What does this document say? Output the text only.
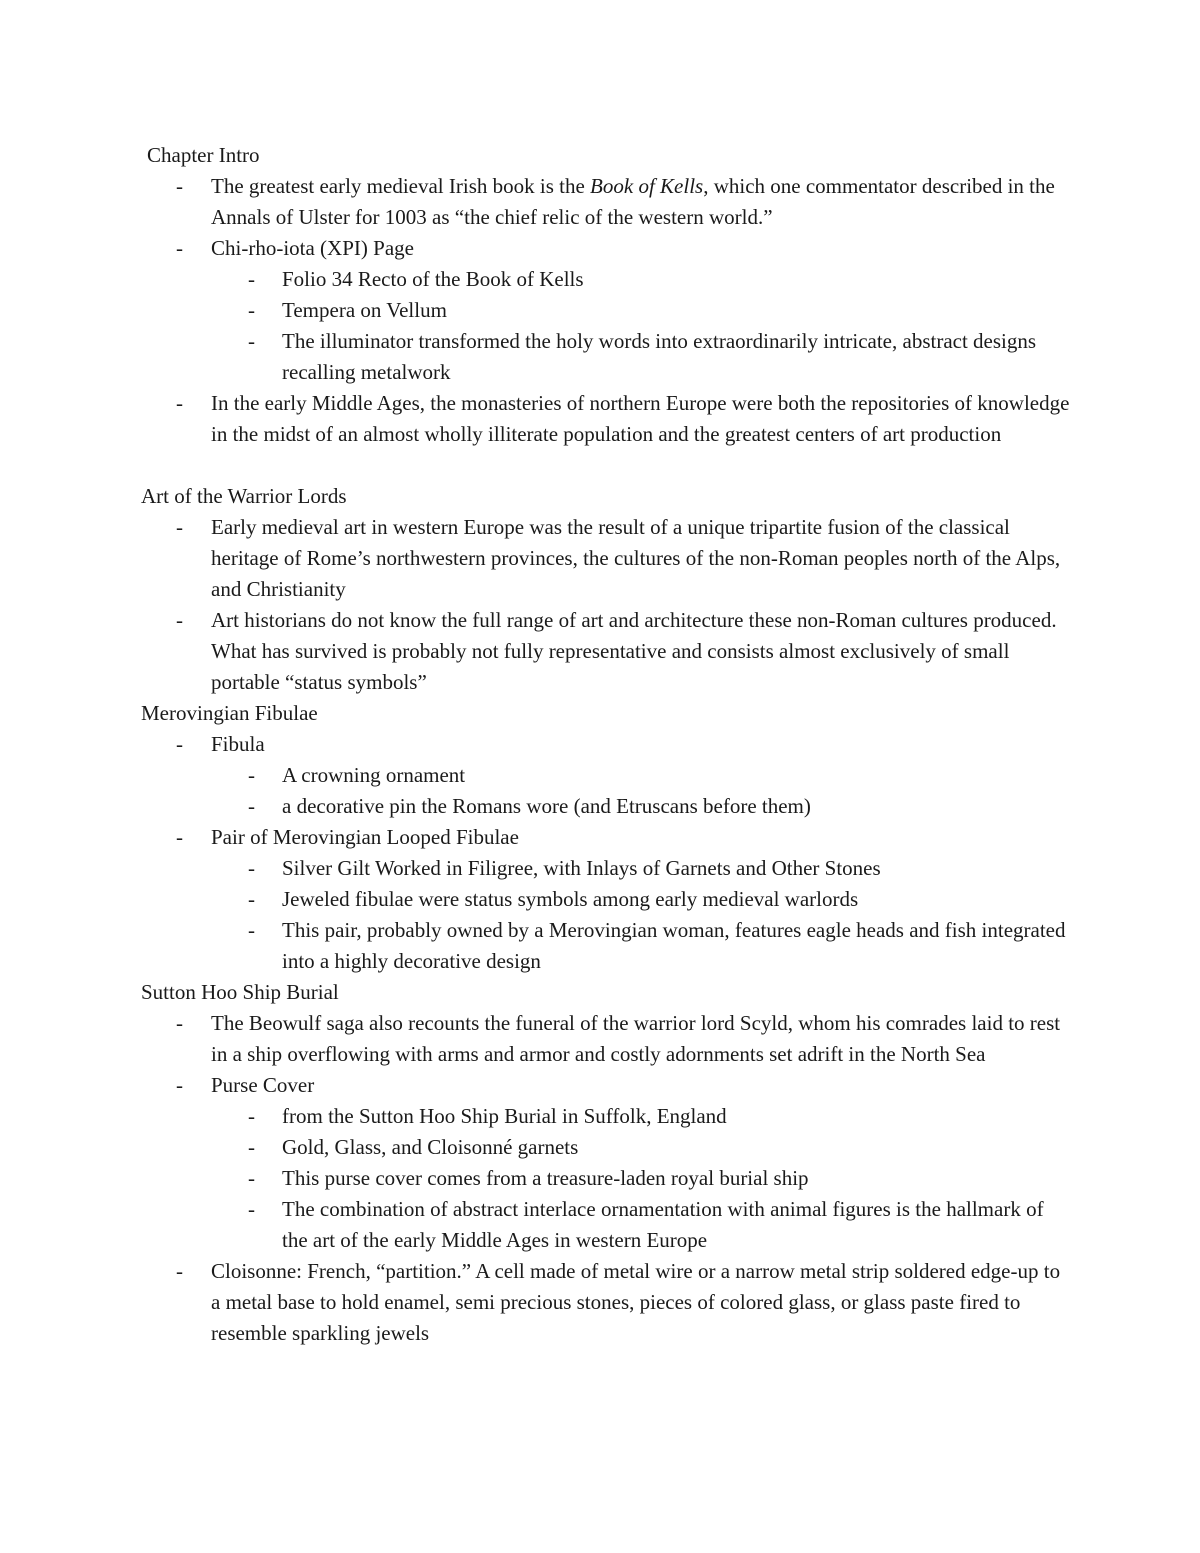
Chapter Intro
- The greatest early medieval Irish book is the Book of Kells, which one commentator described in the Annals of Ulster for 1003 as “the chief relic of the western world.”
- Chi-rho-iota (XPI) Page
- Folio 34 Recto of the Book of Kells
- Tempera on Vellum
- The illuminator transformed the holy words into extraordinarily intricate, abstract designs recalling metalwork
- In the early Middle Ages, the monasteries of northern Europe were both the repositories of knowledge in the midst of an almost wholly illiterate population and the greatest centers of art production
Art of the Warrior Lords
- Early medieval art in western Europe was the result of a unique tripartite fusion of the classical heritage of Rome’s northwestern provinces, the cultures of the non-Roman peoples north of the Alps, and Christianity
- Art historians do not know the full range of art and architecture these non-Roman cultures produced. What has survived is probably not fully representative and consists almost exclusively of small portable “status symbols”
Merovingian Fibulae
- Fibula
- A crowning ornament
- a decorative pin the Romans wore (and Etruscans before them)
- Pair of Merovingian Looped Fibulae
- Silver Gilt Worked in Filigree, with Inlays of Garnets and Other Stones
- Jeweled fibulae were status symbols among early medieval warlords
- This pair, probably owned by a Merovingian woman, features eagle heads and fish integrated into a highly decorative design
Sutton Hoo Ship Burial
- The Beowulf saga also recounts the funeral of the warrior lord Scyld, whom his comrades laid to rest in a ship overflowing with arms and armor and costly adornments set adrift in the North Sea
- Purse Cover
- from the Sutton Hoo Ship Burial in Suffolk, England
- Gold, Glass, and Cloisonné garnets
- This purse cover comes from a treasure-laden royal burial ship
- The combination of abstract interlace ornamentation with animal figures is the hallmark of the art of the early Middle Ages in western Europe
- Cloisonne: French, “partition.” A cell made of metal wire or a narrow metal strip soldered edge-up to a metal base to hold enamel, semi precious stones, pieces of colored glass, or glass paste fired to resemble sparkling jewels
